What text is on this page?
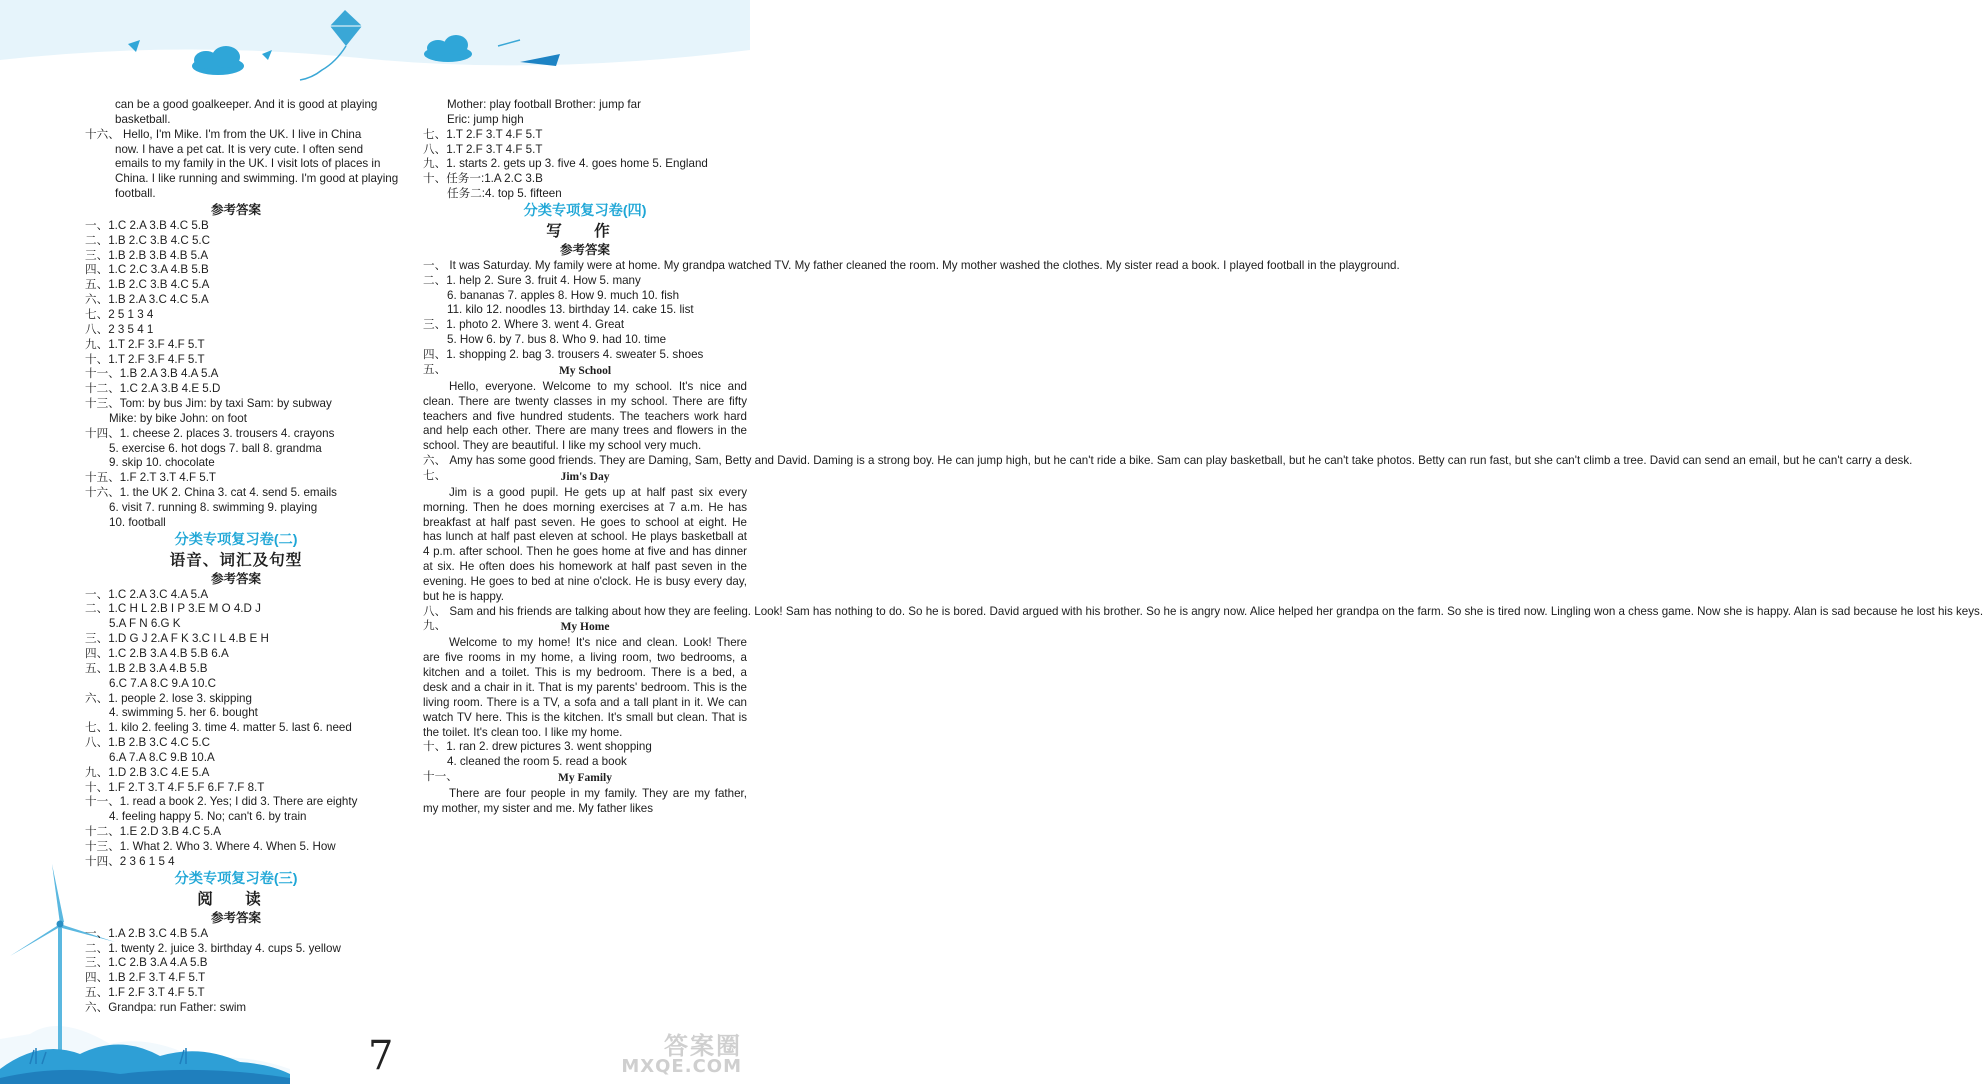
can be a good goalkeeper. And it is good at playing
basketball.
十六、 Hello, I'm Mike. I'm from the UK. I live in China
now. I have a pet cat. It is very cute. I often send
emails to my family in the UK. I visit lots of places in
China. I like running and swimming. I'm good at playing
football.
参考答案
一、1.C 2.A 3.B 4.C 5.B
二、1.B 2.C 3.B 4.C 5.C
三、1.B 2.B 3.B 4.B 5.A
四、1.C 2.C 3.A 4.B 5.B
五、1.B 2.C 3.B 4.C 5.A
六、1.B 2.A 3.C 4.C 5.A
七、2 5 1 3 4
八、2 3 5 4 1
九、1.T 2.F 3.F 4.F 5.T
十、1.T 2.F 3.F 4.F 5.T
十一、1.B 2.A 3.B 4.A 5.A
十二、1.C 2.A 3.B 4.E 5.D
十三、Tom: by bus Jim: by taxi Sam: by subway
Mike: by bike John: on foot
十四、1. cheese 2. places 3. trousers 4. crayons
5. exercise 6. hot dogs 7. ball 8. grandma
9. skip 10. chocolate
十五、1.F 2.T 3.T 4.F 5.T
十六、1. the UK 2. China 3. cat 4. send 5. emails
6. visit 7. running 8. swimming 9. playing
10. football
分类专项复习卷(二)
语音、词汇及句型
参考答案
一、1.C 2.A 3.C 4.A 5.A
二、1.C H L 2.B I P 3.E M O 4.D J
5.A F N 6.G K
三、1.D G J 2.A F K 3.C I L 4.B E H
四、1.C 2.B 3.A 4.B 5.B 6.A
五、1.B 2.B 3.A 4.B 5.B
6.C 7.A 8.C 9.A 10.C
六、1. people 2. lose 3. skipping
4. swimming 5. her 6. bought
七、1. kilo 2. feeling 3. time 4. matter 5. last 6. need
八、1.B 2.B 3.C 4.C 5.C
6.A 7.A 8.C 9.B 10.A
九、1.D 2.B 3.C 4.E 5.A
十、1.F 2.T 3.T 4.F 5.F 6.F 7.F 8.T
十一、1. read a book 2. Yes; I did 3. There are eighty
4. feeling happy 5. No; can't 6. by train
十二、1.E 2.D 3.B 4.C 5.A
十三、1. What 2. Who 3. Where 4. When 5. How
十四、2 3 6 1 5 4
分类专项复习卷(三)
阅 读
参考答案
一、1.A 2.B 3.C 4.B 5.A
二、1. twenty 2. juice 3. birthday 4. cups 5. yellow
三、1.C 2.B 3.A 4.A 5.B
四、1.B 2.F 3.T 4.F 5.T
五、1.F 2.F 3.T 4.F 5.T
六、Grandpa: run Father: swim
Mother: play football Brother: jump far
Eric: jump high
七、1.T 2.F 3.T 4.F 5.T
八、1.T 2.F 3.T 4.F 5.T
九、1. starts 2. gets up 3. five 4. goes home 5. England
十、任务一:1.A 2.C 3.B
任务二:4. top 5. fifteen
分类专项复习卷(四)
写 作
参考答案
一、 It was Saturday. My family were at home. My grandpa watched TV. My father cleaned the room. My mother washed the clothes. My sister read a book. I played football in the playground.
二、1. help 2. Sure 3. fruit 4. How 5. many
6. bananas 7. apples 8. How 9. much 10. fish
11. kilo 12. noodles 13. birthday 14. cake 15. list
三、1. photo 2. Where 3. went 4. Great
5. How 6. by 7. bus 8. Who 9. had 10. time
四、1. shopping 2. bag 3. trousers 4. sweater 5. shoes
五、	My School
Hello, everyone. Welcome to my school. It's nice and clean. There are twenty classes in my school. There are fifty teachers and five hundred students. The teachers work hard and help each other. There are many trees and flowers in the school. They are beautiful. I like my school very much.
六、 Amy has some good friends. They are Daming, Sam, Betty and David. Daming is a strong boy. He can jump high, but he can't ride a bike. Sam can play basketball, but he can't take photos. Betty can run fast, but she can't climb a tree. David can send an email, but he can't carry a desk.
七、	Jim's Day
Jim is a good pupil. He gets up at half past six every morning. Then he does morning exercises at 7 a.m. He has breakfast at half past seven. He goes to school at eight. He has lunch at half past eleven at school. He plays basketball at 4 p.m. after school. Then he goes home at five and has dinner at six. He often does his homework at half past seven in the evening. He goes to bed at nine o'clock. He is busy every day, but he is happy.
八、 Sam and his friends are talking about how they are feeling. Look! Sam has nothing to do. So he is bored. David argued with his brother. So he is angry now. Alice helped her grandpa on the farm. So she is tired now. Lingling won a chess game. Now she is happy. Alan is sad because he lost his keys.
九、	My Home
Welcome to my home! It's nice and clean. Look! There are five rooms in my home, a living room, two bedrooms, a kitchen and a toilet. This is my bedroom. There is a bed, a desk and a chair in it. That is my parents' bedroom. This is the living room. There is a TV, a sofa and a tall plant in it. We can watch TV here. This is the kitchen. It's small but clean. That is the toilet. It's clean too. I like my home.
十、1. ran 2. drew pictures 3. went shopping
4. cleaned the room 5. read a book
十一、	My Family
There are four people in my family. They are my father, my mother, my sister and me. My father likes
7	答案圈
MXQE.COM
